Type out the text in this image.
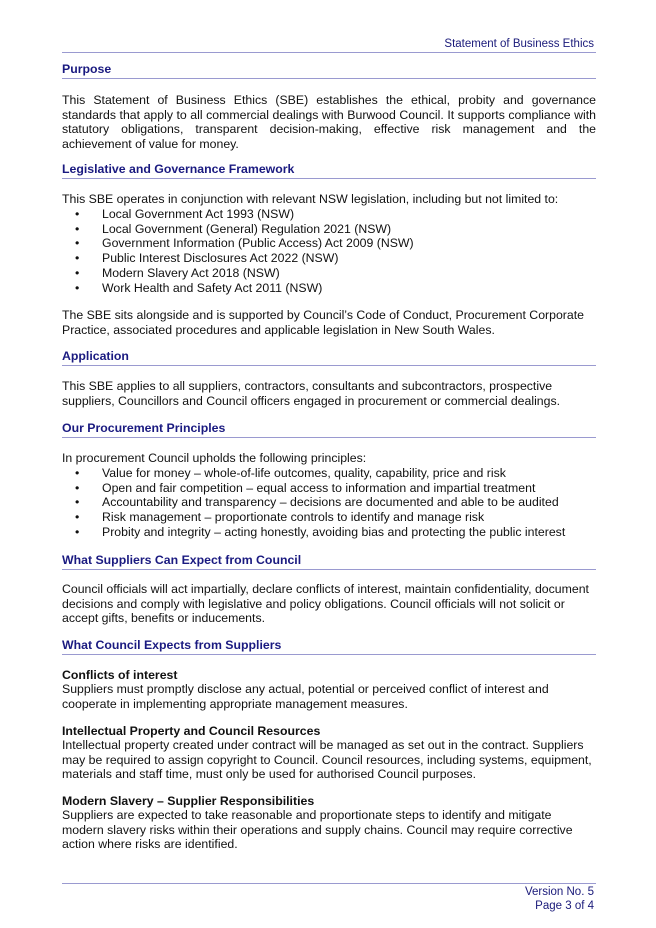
Statement of Business Ethics
Purpose

This Statement of Business Ethics (SBE) establishes the ethical, probity and governance standards that apply to all commercial dealings with Burwood Council. It supports compliance with statutory obligations, transparent decision-making, effective risk management and the achievement of value for money.

Legislative and Governance Framework

This SBE operates in conjunction with relevant NSW legislation, including but not limited to:

• Local Government Act 1993 (NSW)
• Local Government (General) Regulation 2021 (NSW)
• Government Information (Public Access) Act 2009 (NSW)
• Public Interest Disclosures Act 2022 (NSW)
• Modern Slavery Act 2018 (NSW)
• Work Health and Safety Act 2011 (NSW)

The SBE sits alongside and is supported by Council’s Code of Conduct, Procurement Corporate Practice, associated procedures and applicable legislation in New South Wales.

Application

This SBE applies to all suppliers, contractors, consultants and subcontractors, prospective suppliers, Councillors and Council officers engaged in procurement or commercial dealings.

Our Procurement Principles

In procurement Council upholds the following principles:

• Value for money – whole-of-life outcomes, quality, capability, price and risk
• Open and fair competition – equal access to information and impartial treatment
• Accountability and transparency – decisions are documented and able to be audited
• Risk management – proportionate controls to identify and manage risk
• Probity and integrity – acting honestly, avoiding bias and protecting the public interest
What Suppliers Can Expect from Council

Council officials will act impartially, declare conflicts of interest, maintain confidentiality, document decisions and comply with legislative and policy obligations. Council officials will not solicit or accept gifts, benefits or inducements.

What Council Expects from Suppliers
Conflicts of interest

Suppliers must promptly disclose any actual, potential or perceived conflict of interest and cooperate in implementing appropriate management measures.

Intellectual Property and Council Resources

Intellectual property created under contract will be managed as set out in the contract. Suppliers may be required to assign copyright to Council. Council resources, including systems, equipment, materials and staff time, must only be used for authorised Council purposes.

Modern Slavery – Supplier Responsibilities

Suppliers are expected to take reasonable and proportionate steps to identify and mitigate modern slavery risks within their operations and supply chains. Council may require corrective action where risks are identified.

Version No. 5
Page 3 of 4
